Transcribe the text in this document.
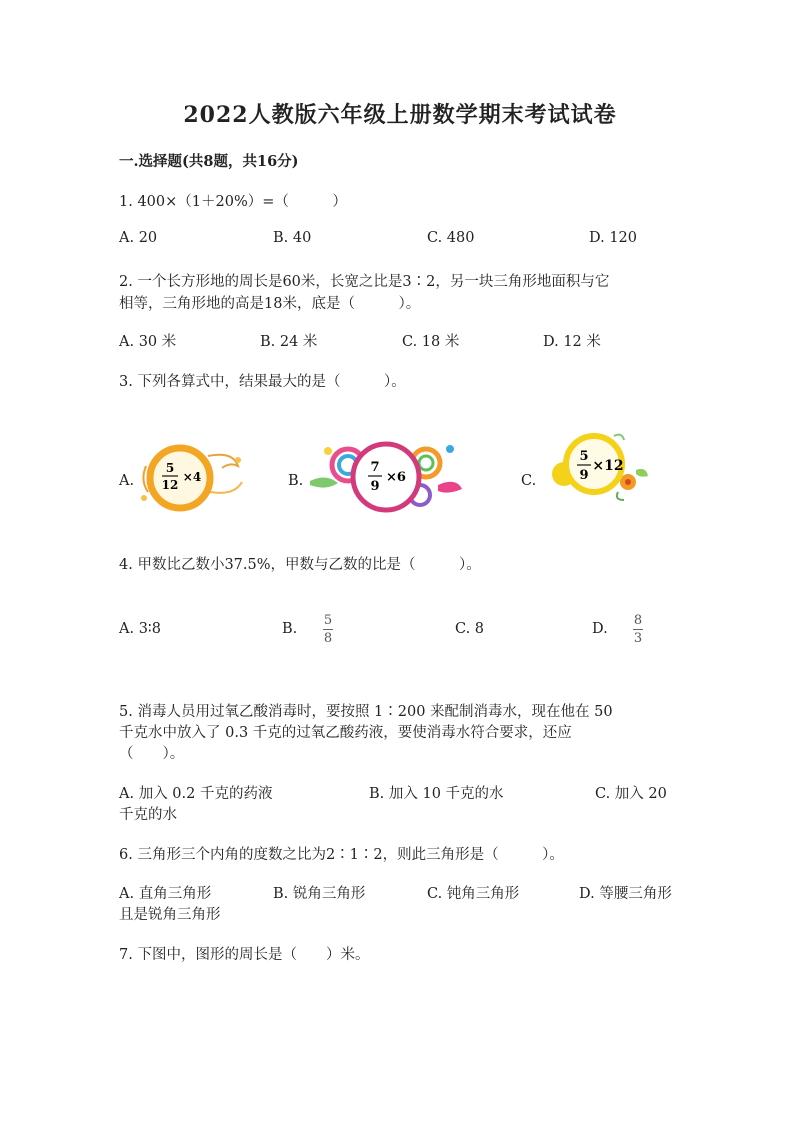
2022人教版六年级上册数学期末考试试卷
一.选择题(共8题，共16分)
1. 400×（1＋20%）=（　　　）
A. 20	B. 40	C. 480	D. 120
2. 一个长方形地的周长是60米，长宽之比是3∶2，另一块三角形地面积与它
相等，三角形地的高是18米，底是（　　　）。
A. 30 米	B. 24 米	C. 18 米	D. 12 米
3. 下列各算式中，结果最大的是（　　　）。
A.
5
12
×4	B.
7
9
×6	C.
5
9
×12
4. 甲数比乙数小37.5%，甲数与乙数的比是（　　　）。
A. 3∶8	B.
5
8
C. 8	D.
8
3
5. 消毒人员用过氧乙酸消毒时，要按照 1∶200 来配制消毒水，现在他在 50
千克水中放入了 0.3 千克的过氧乙酸药液，要使消毒水符合要求，还应
（　　）。
A. 加入 0.2 千克的药液	B. 加入 10 千克的水	C. 加入 20
千克的水
6. 三角形三个内角的度数之比为2∶1∶2，则此三角形是（　　　）。
A. 直角三角形	B. 锐角三角形	C. 钝角三角形	D. 等腰三角形
且是锐角三角形
7. 下图中，图形的周长是（　　）米。
